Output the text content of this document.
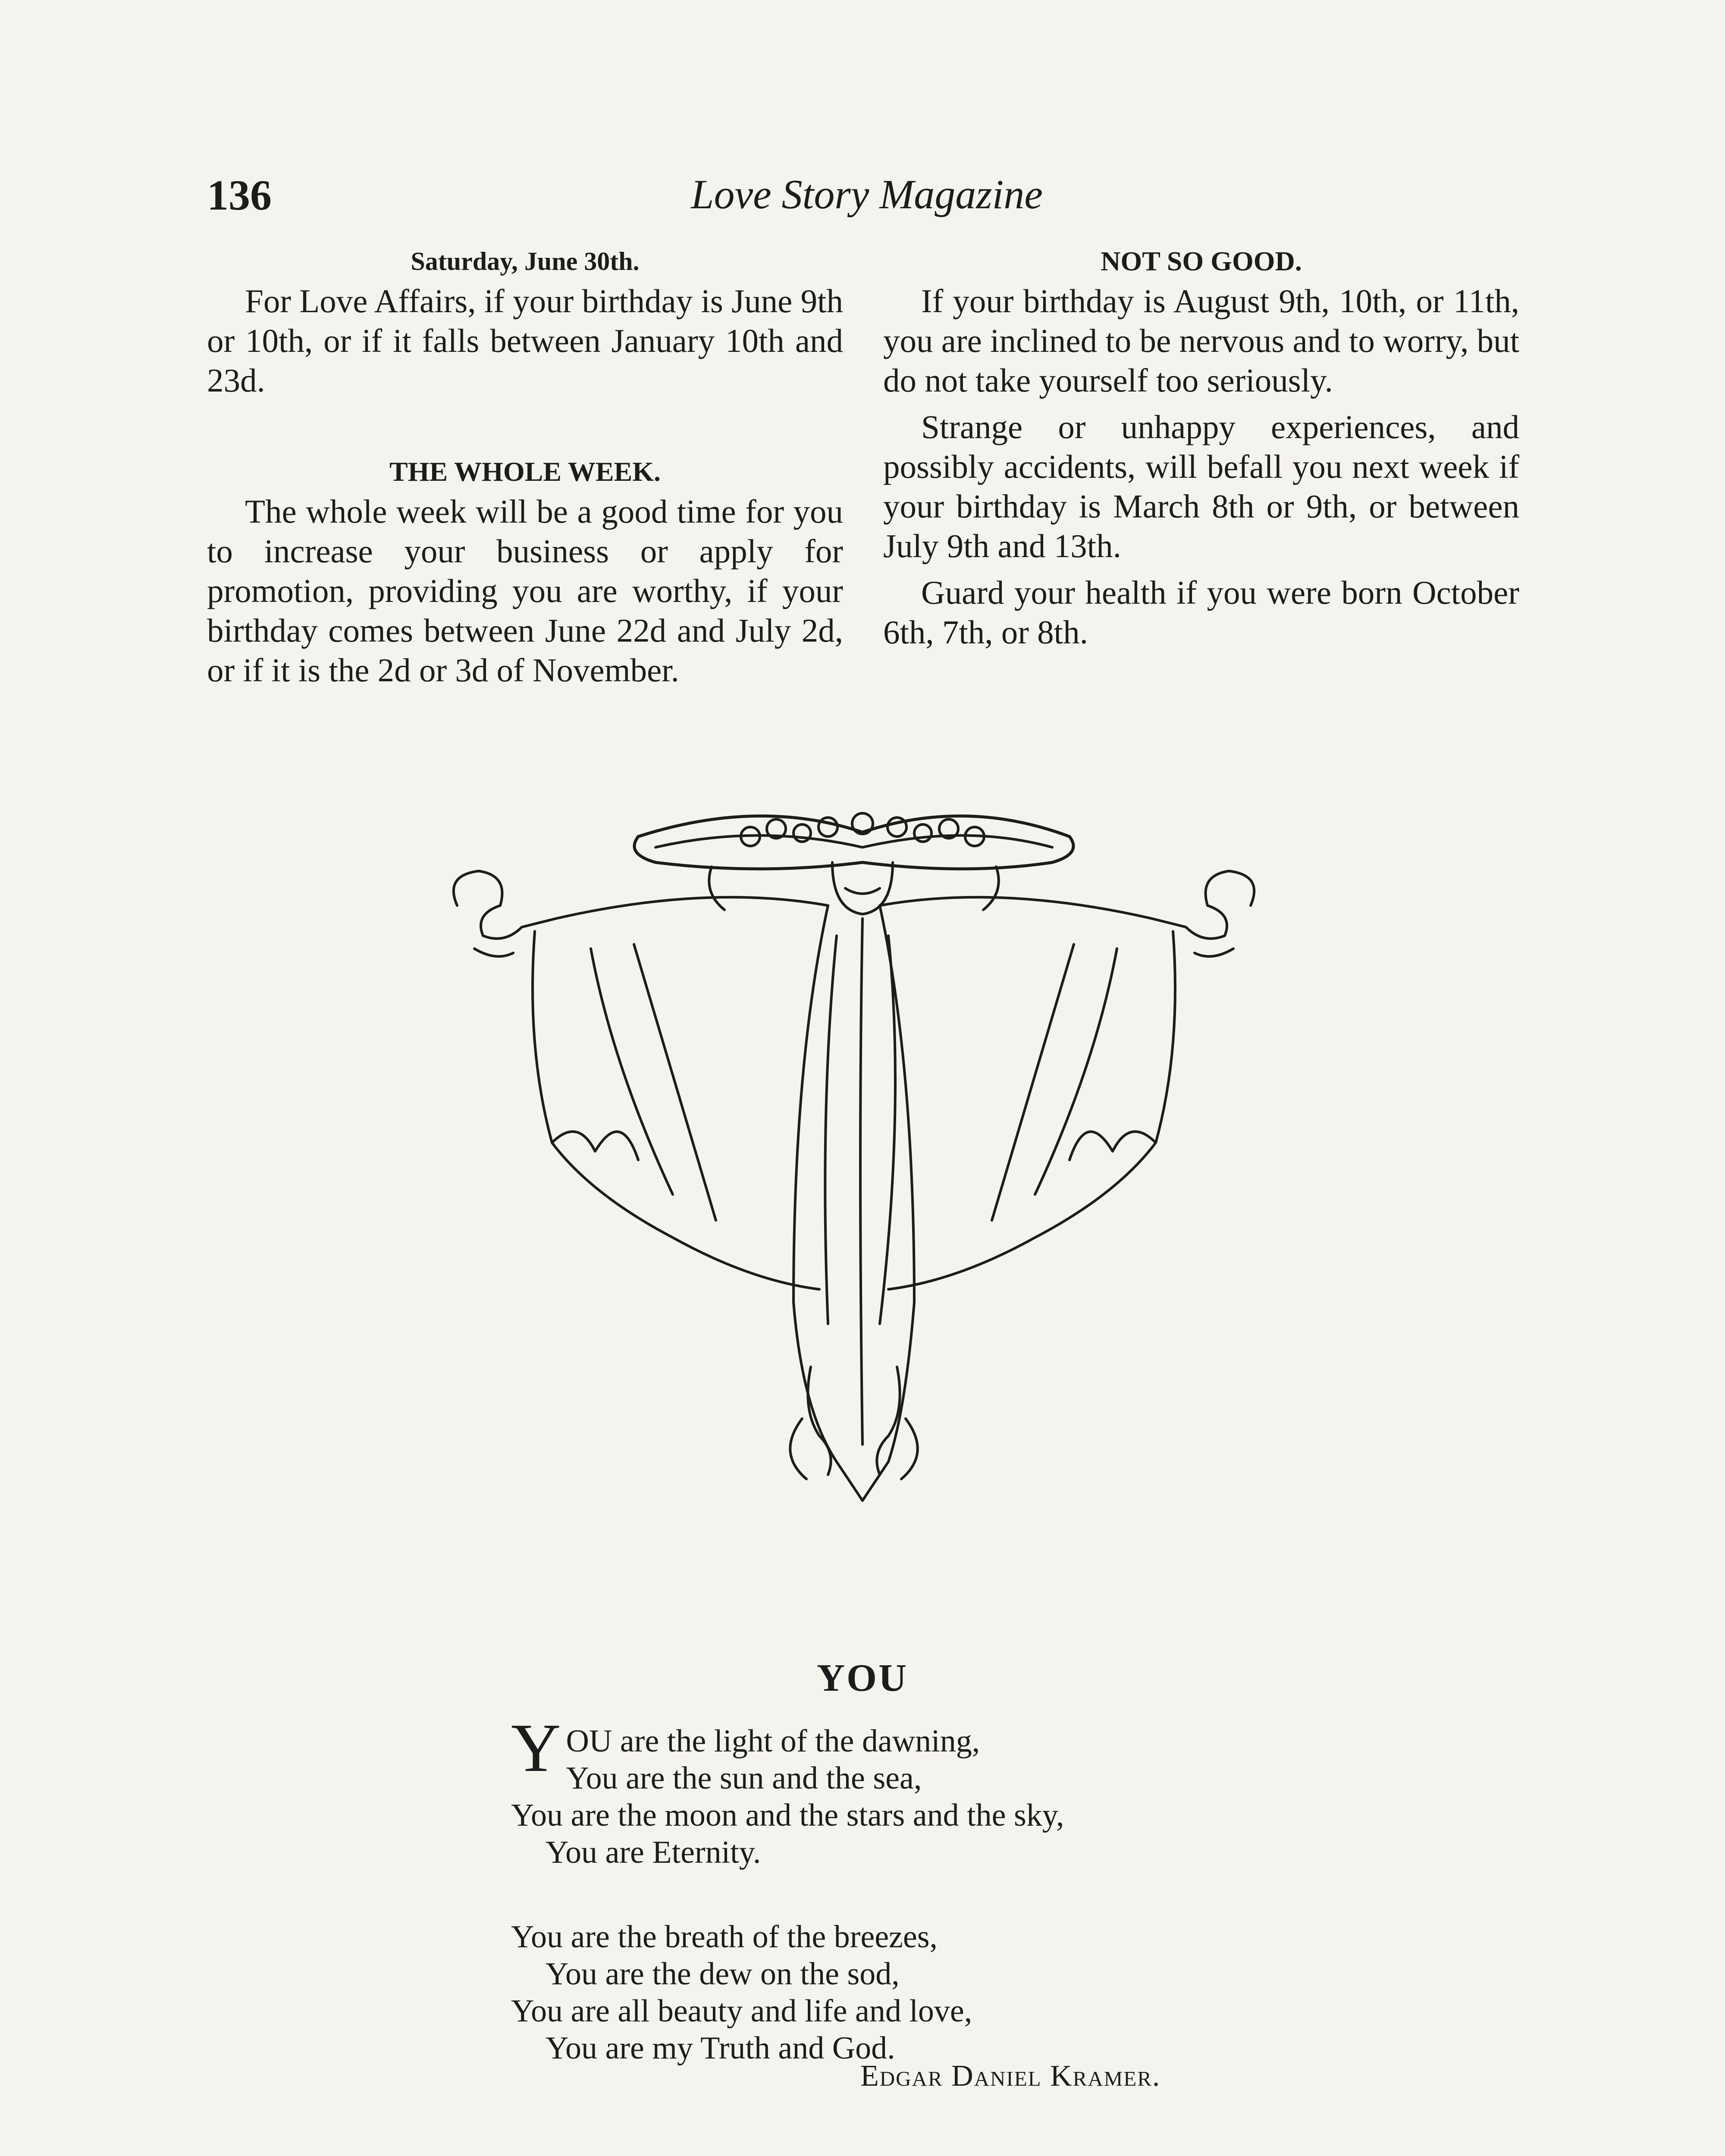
136	Love Story Magazine

Saturday, June 30th.

For Love Affairs, if your birthday is June 9th or 10th, or if it falls between January 10th and 23d.

THE WHOLE WEEK.

The whole week will be a good time for you to increase your business or apply for promotion, providing you are worthy, if your birthday comes between June 22d and July 2d, or if it is the 2d or 3d of November.

NOT SO GOOD.

If your birthday is August 9th, 10th, or 11th, you are inclined to be nervous and to worry, but do not take yourself too seriously.

Strange or unhappy experiences, and possibly accidents, will befall you next week if your birthday is March 8th or 9th, or between July 9th and 13th.

Guard your health if you were born October 6th, 7th, or 8th.

YOU
YOU are the light of the dawning,
You are the sun and the sea,
You are the moon and the stars and the sky,
You are Eternity.
You are the breath of the breezes,
You are the dew on the sod,
You are all beauty and life and love,
You are my Truth and God.
Edgar Daniel Kramer.
